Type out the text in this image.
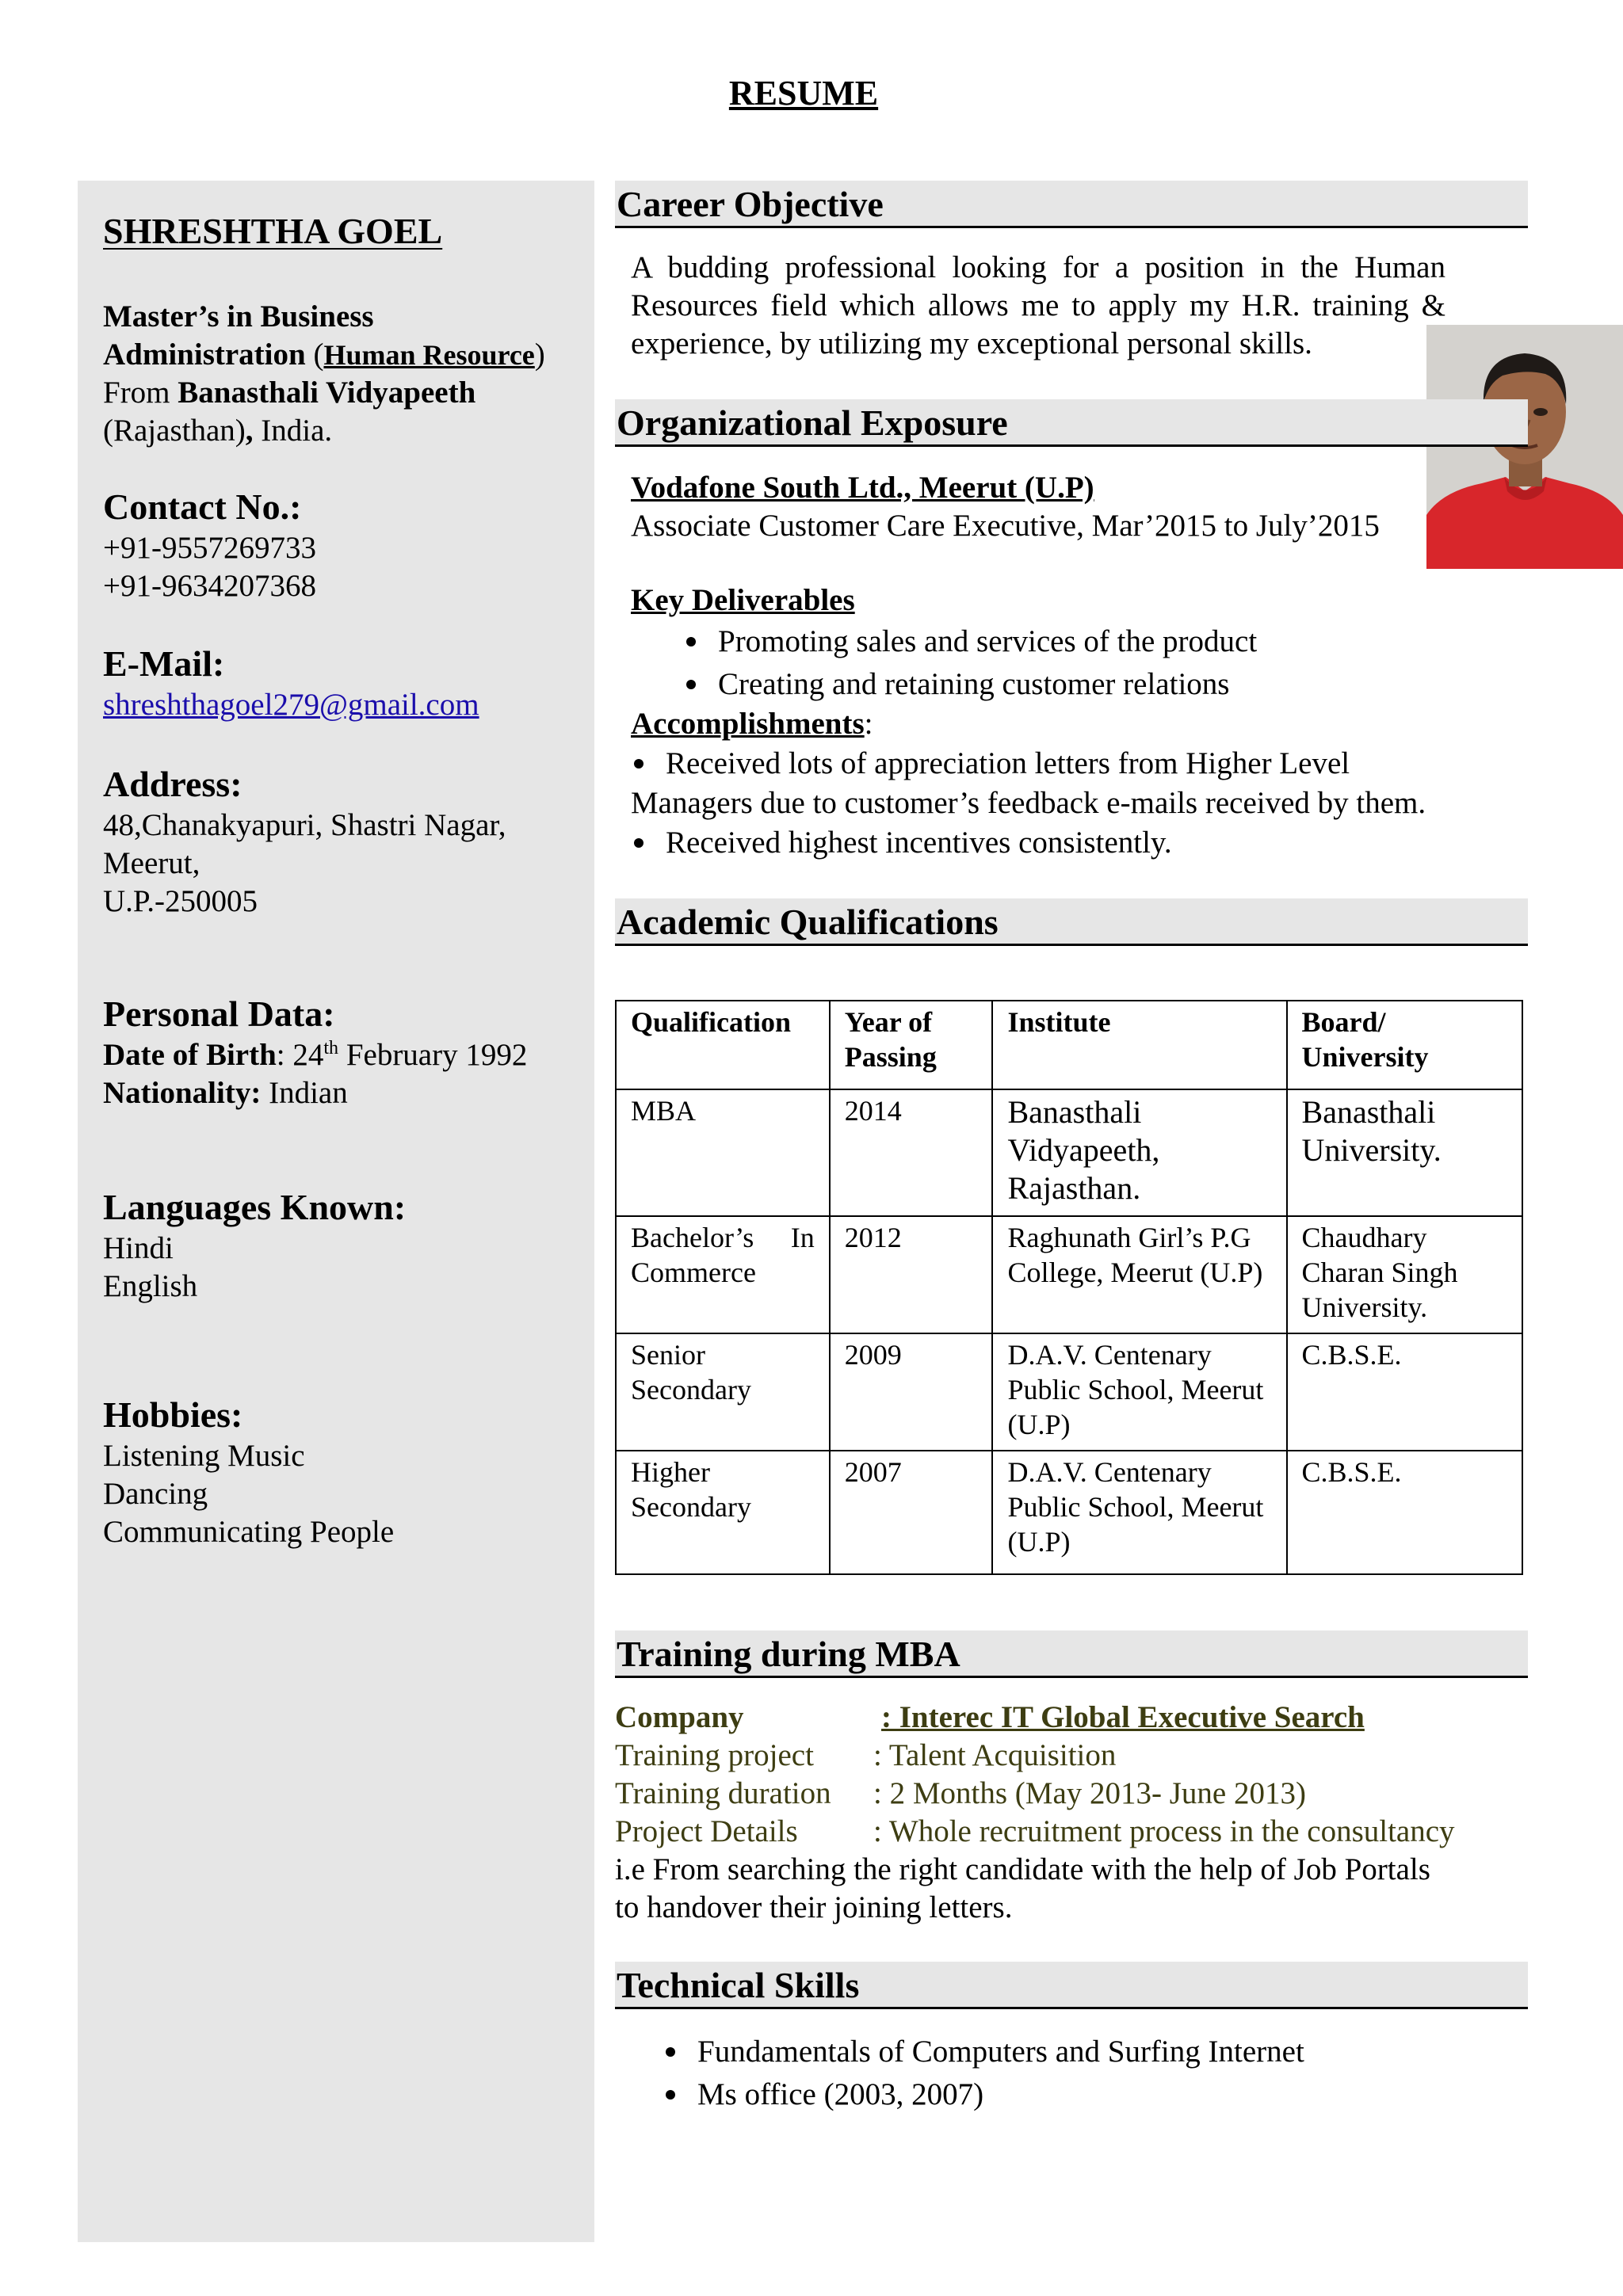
RESUME
SHRESHTHA GOEL
Master’s in Business
Administration (Human Resource)
From Banasthali Vidyapeeth
(Rajasthan), India.
Contact No.:
+91-9557269733
+91-9634207368
E-Mail:
shreshthagoel279@gmail.com
Address:
48,Chanakyapuri, Shastri Nagar,
Meerut,
U.P.-250005
Personal Data:
Date of Birth: 24th February 1992
Nationality: Indian
Languages Known:
Hindi
English
Hobbies:
Listening Music
Dancing
Communicating People
Career Objective
A budding professional looking for a position in the Human
Resources field which allows me to apply my H.R. training &
experience, by utilizing my exceptional personal skills.
Organizational Exposure
Vodafone South Ltd., Meerut (U.P)
Associate Customer Care Executive, Mar’2015 to July’2015
Key Deliverables
Promoting sales and services of the product
Creating and retaining customer relations
Accomplishments:
Received lots of appreciation letters from Higher Level
Managers due to customer’s feedback e-mails received by them.
Received highest incentives consistently.
Academic Qualifications
Qualification	Year of Passing	Institute	Board/ University
MBA	2014	Banasthali Vidyapeeth, Rajasthan.	Banasthali University.
Bachelor’s In Commerce	2012	Raghunath Girl’s P.G College, Meerut (U.P)	Chaudhary Charan Singh University.
Senior Secondary	2009	D.A.V. Centenary Public School, Meerut (U.P)	C.B.S.E.
Higher Secondary	2007	D.A.V. Centenary Public School, Meerut (U.P)	C.B.S.E.
Training during MBA
Company	: Interec IT Global Executive Search
Training project : Talent Acquisition
Training duration : 2 Months (May 2013- June 2013)
Project Details : Whole recruitment process in the consultancy
i.e From searching the right candidate with the help of Job Portals
to handover their joining letters.
Technical Skills
Fundamentals of Computers and Surfing Internet
Ms office (2003, 2007)
